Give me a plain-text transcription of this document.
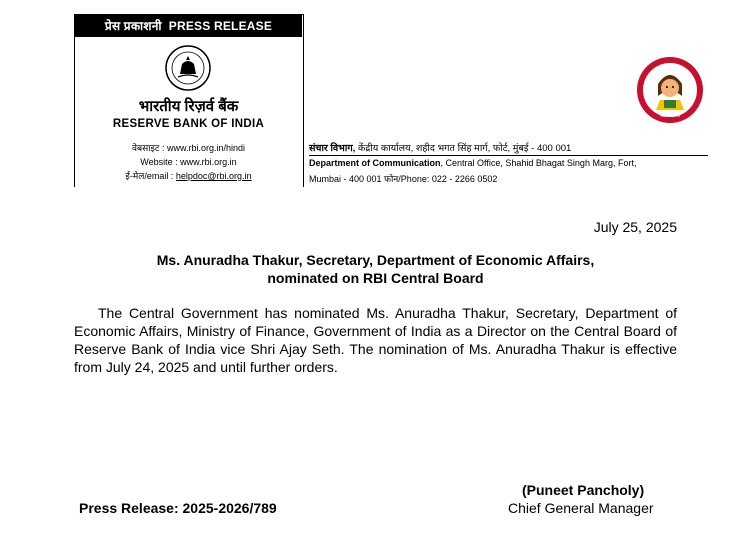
प्रेस प्रकाशनी PRESS RELEASE
भारतीय रिज़र्व बैंक
RESERVE BANK OF INDIA
वेबसाइट : www.rbi.org.in/hindi
Website : www.rbi.org.in
ई-मेल/email : helpdoc@rbi.org.in
संचार विभाग, केंद्रीय कार्यालय, शहीद भगत सिंह मार्ग, फोर्ट, मुंबई - 400 001
Department of Communication, Central Office, Shahid Bhagat Singh Marg, Fort,
Mumbai - 400 001 फोन/Phone: 022 - 2266 0502
बेटी बचाओ
बेटी पढ़ाओ
July 25, 2025
Ms. Anuradha Thakur, Secretary, Department of Economic Affairs,
nominated on RBI Central Board
The Central Government has nominated Ms. Anuradha Thakur, Secretary, Department of Economic Affairs, Ministry of Finance, Government of India as a Director on the Central Board of Reserve Bank of India vice Shri Ajay Seth. The nomination of Ms. Anuradha Thakur is effective from July 24, 2025 and until further orders.
Press Release: 2025-2026/789
(Puneet Pancholy)
Chief General Manager
